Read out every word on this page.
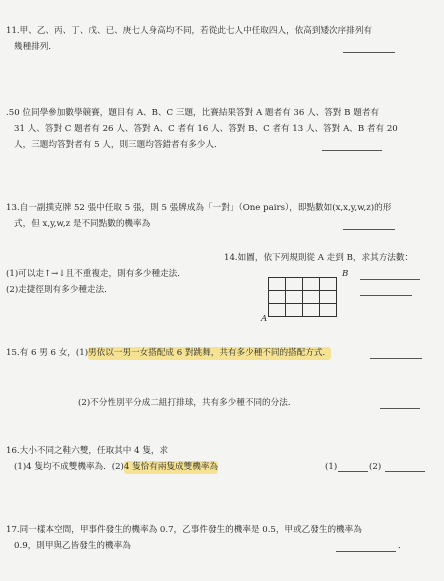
11.甲、乙、丙、丁、戊、已、庚七人身高均不同，若從此七人中任取四人，依高到矮次序排列有
幾種排列．
.50 位同學參加數學競賽，題目有 A、B、C 三題，比賽結果答對 A 題者有 36 人、答對 B 題者有
31 人、答對 C 題者有 26 人、答對 A、C 者有 16 人、答對 B、C 者有 13 人、答對 A、B 者有 20
人，三題均答對者有 5 人，則三題均答錯者有多少人．
13.自一副撲克牌 52 張中任取 5 張，則 5 張牌成為「一對」（One pairs），即點數如(x,x,y,w,z)的形
式，但 x,y,w,z 是不同點數的機率為
14.如圖，依下列規則從 A 走到 B，求其方法數：
(1)可以走↑→↓且不重複走，則有多少種走法．
(2)走捷徑則有多少種走法．
B
A
15.有 6 男 6 女，(1)男依以一男一女搭配成 6 對跳舞，共有多少種不同的搭配方式．
(2)不分性別平分成二組打排球，共有多少種不同的分法．
16.大小不同之鞋六雙，任取其中 4 隻，求
(1)4 隻均不成雙機率為．(2)4 隻恰有兩隻成雙機率為	(1)	(2)
17.同一樣本空間，甲事件發生的機率為 0.7，乙事件發生的機率是 0.5，甲或乙發生的機率為
0.9，則甲與乙皆發生的機率為	．
